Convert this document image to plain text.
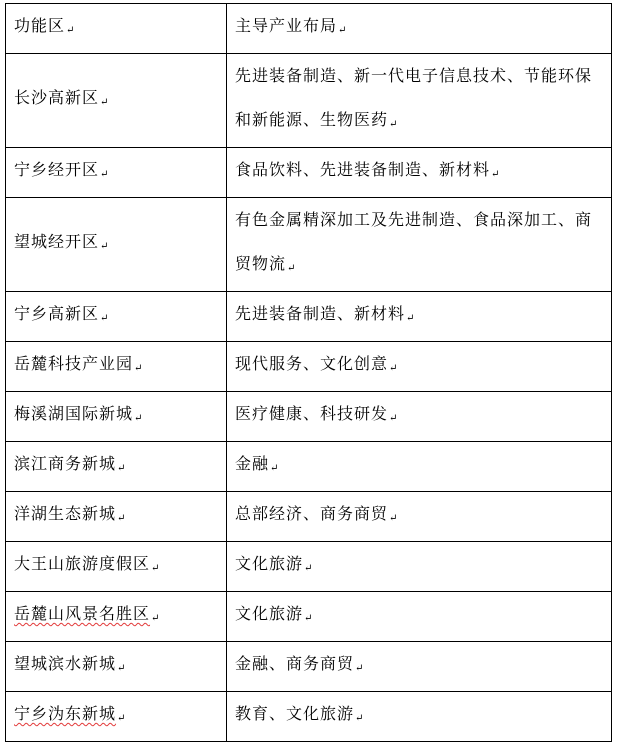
功能区↵	主导产业布局↵
长沙高新区↵	先进装备制造、新一代电子信息技术、节能环保和新能源、生物医药↵
宁乡经开区↵	食品饮料、先进装备制造、新材料↵
望城经开区↵	有色金属精深加工及先进制造、食品深加工、商贸物流↵
宁乡高新区↵	先进装备制造、新材料↵
岳麓科技产业园↵	现代服务、文化创意↵
梅溪湖国际新城↵	医疗健康、科技研发↵
滨江商务新城↵	金融↵
洋湖生态新城↵	总部经济、商务商贸↵
大王山旅游度假区↵	文化旅游↵
岳麓山风景名胜区↵	文化旅游↵
望城滨水新城↵	金融、商务商贸↵
宁乡沩东新城↵	教育、文化旅游↵
